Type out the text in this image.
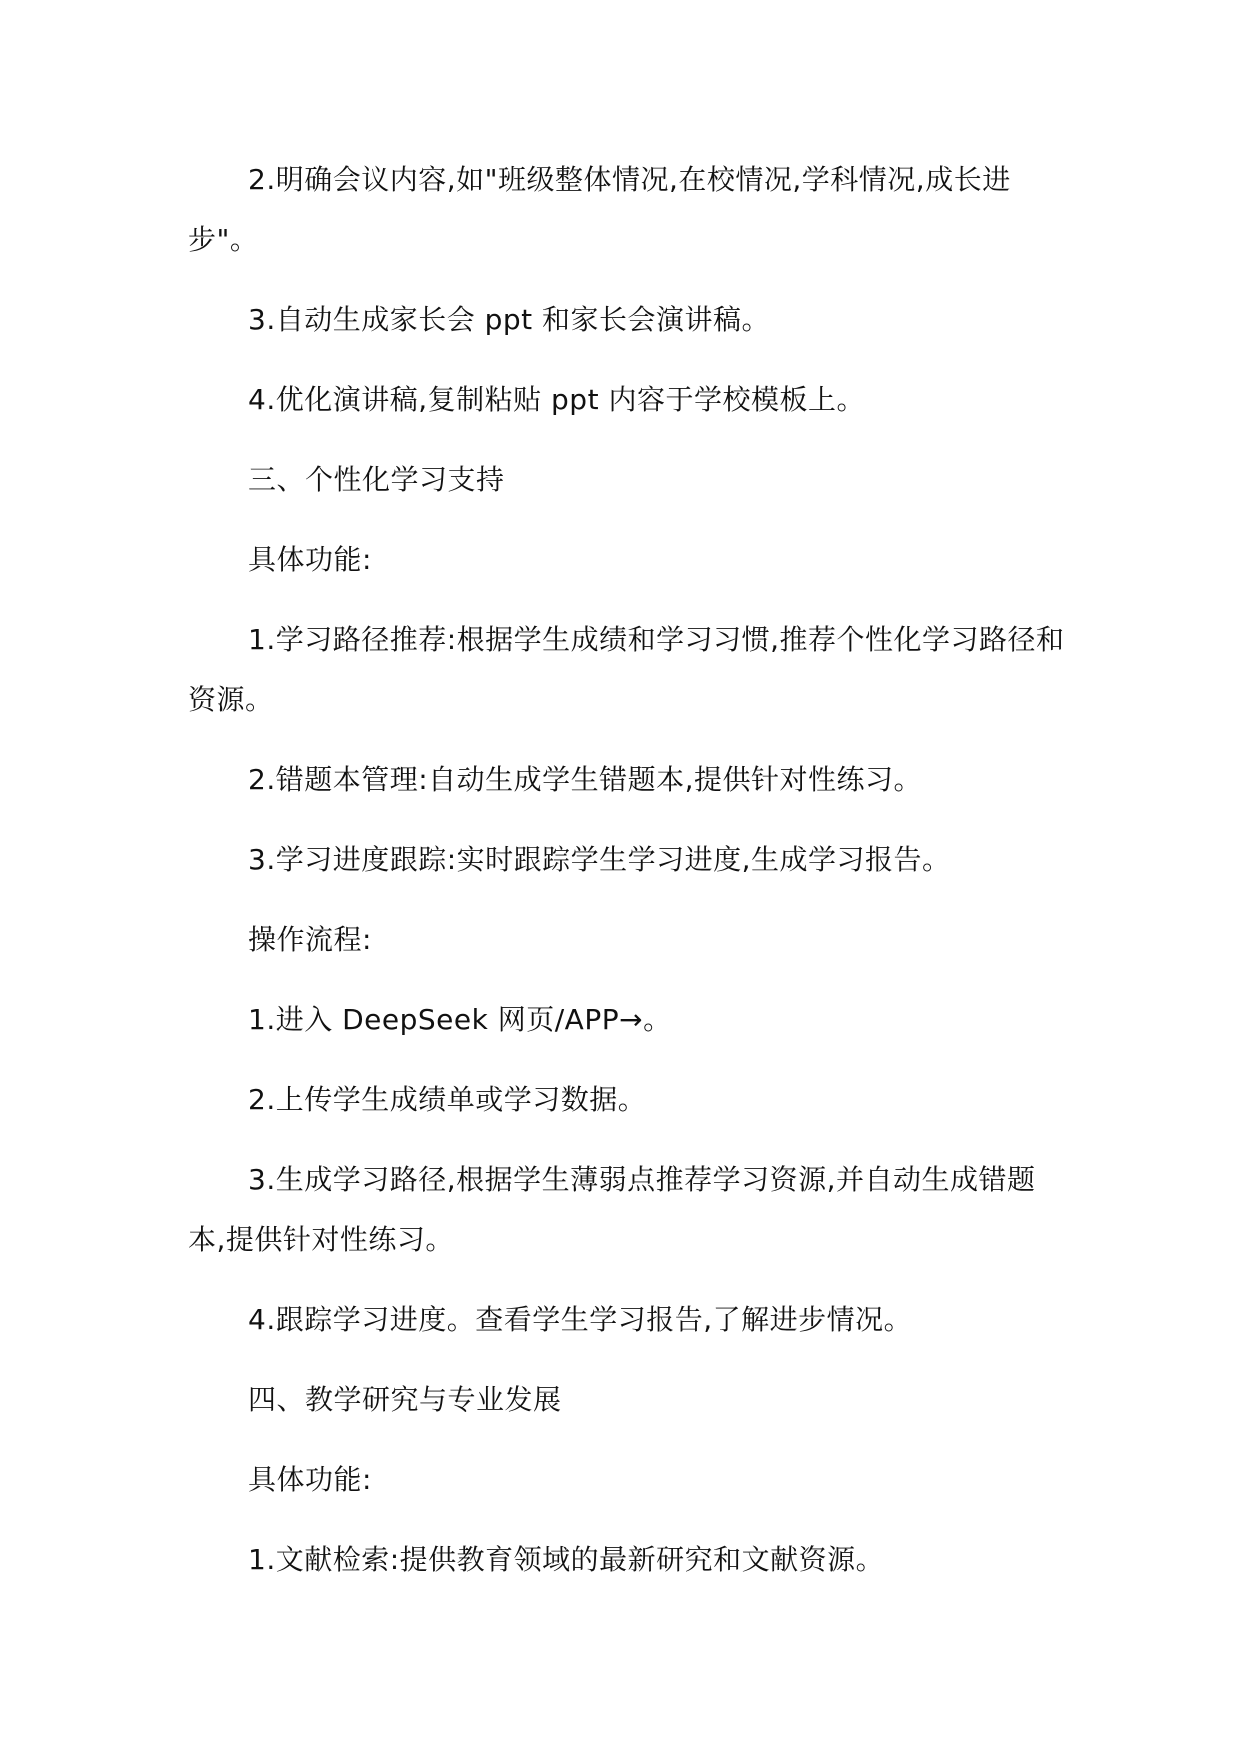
2.明确会议内容,如"班级整体情况,在校情况,学科情况,成长进步"。

3.自动生成家长会 ppt 和家长会演讲稿。

4.优化演讲稿,复制粘贴 ppt 内容于学校模板上。

三、个性化学习支持

具体功能:

1.学习路径推荐:根据学生成绩和学习习惯,推荐个性化学习路径和资源。

2.错题本管理:自动生成学生错题本,提供针对性练习。

3.学习进度跟踪:实时跟踪学生学习进度,生成学习报告。

操作流程:

1.进入 DeepSeek 网页/APP→。

2.上传学生成绩单或学习数据。

3.生成学习路径,根据学生薄弱点推荐学习资源,并自动生成错题本,提供针对性练习。

4.跟踪学习进度。查看学生学习报告,了解进步情况。

四、教学研究与专业发展

具体功能:

1.文献检索:提供教育领域的最新研究和文献资源。
